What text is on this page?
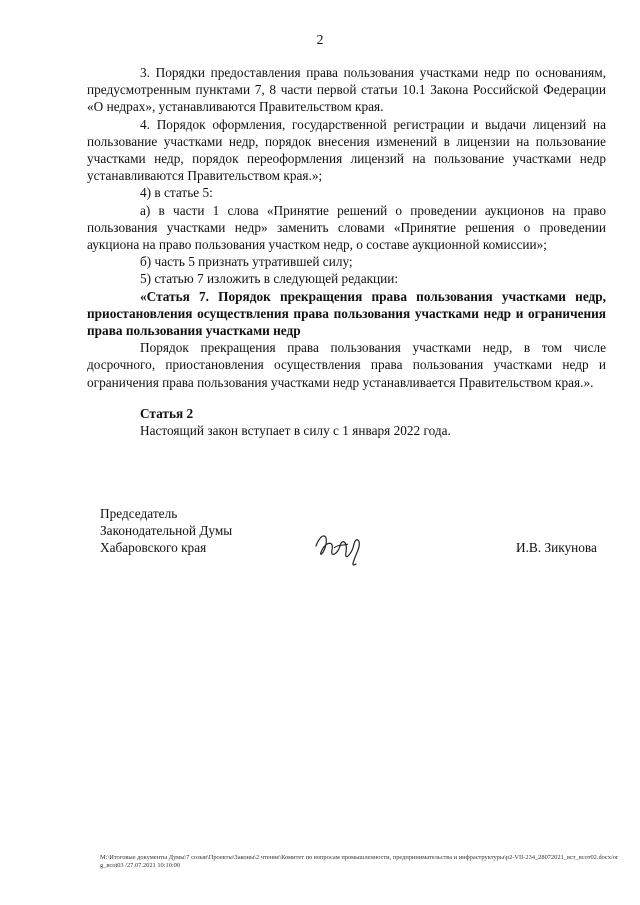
2

3. Порядки предоставления права пользования участками недр по основаниям, предусмотренным пунктами 7, 8 части первой статьи 10.1 Закона Российской Федерации «О недрах», устанавливаются Правительством края.

4. Порядок оформления, государственной регистрации и выдачи лицензий на пользование участками недр, порядок внесения изменений в лицензии на пользование участками недр, порядок переоформления лицензий на пользование участками недр устанавливаются Правительством края.»;

4) в статье 5:

а) в части 1 слова «Принятие решений о проведении аукционов на право пользования участками недр» заменить словами «Принятие решения о проведении аукциона на право пользования участком недр, о составе аукционной комиссии»;

б) часть 5 признать утратившей силу;

5) статью 7 изложить в следующей редакции:

«Статья 7. Порядок прекращения права пользования участками недр, приостановления осуществления права пользования участками недр и ограничения права пользования участками недр

Порядок прекращения права пользования участками недр, в том числе досрочного, приостановления осуществления права пользования участками недр и ограничения права пользования участками недр устанавливается Правительством края.».

Статья 2
Настоящий закон вступает в силу с 1 января 2022 года.
Председатель
Законодательной Думы
Хабаровского края	И.В. Зикунова
M:\Итоговые документы Думы\7 созыв\Проекты\Законы\2 чтение\Комитет по вопросам промышленности, предпринимательства и инфраструктуры\р2-VII-234_28072021_вст_всот02.docx/org_вcot03 /27.07.2021 10:10:00
